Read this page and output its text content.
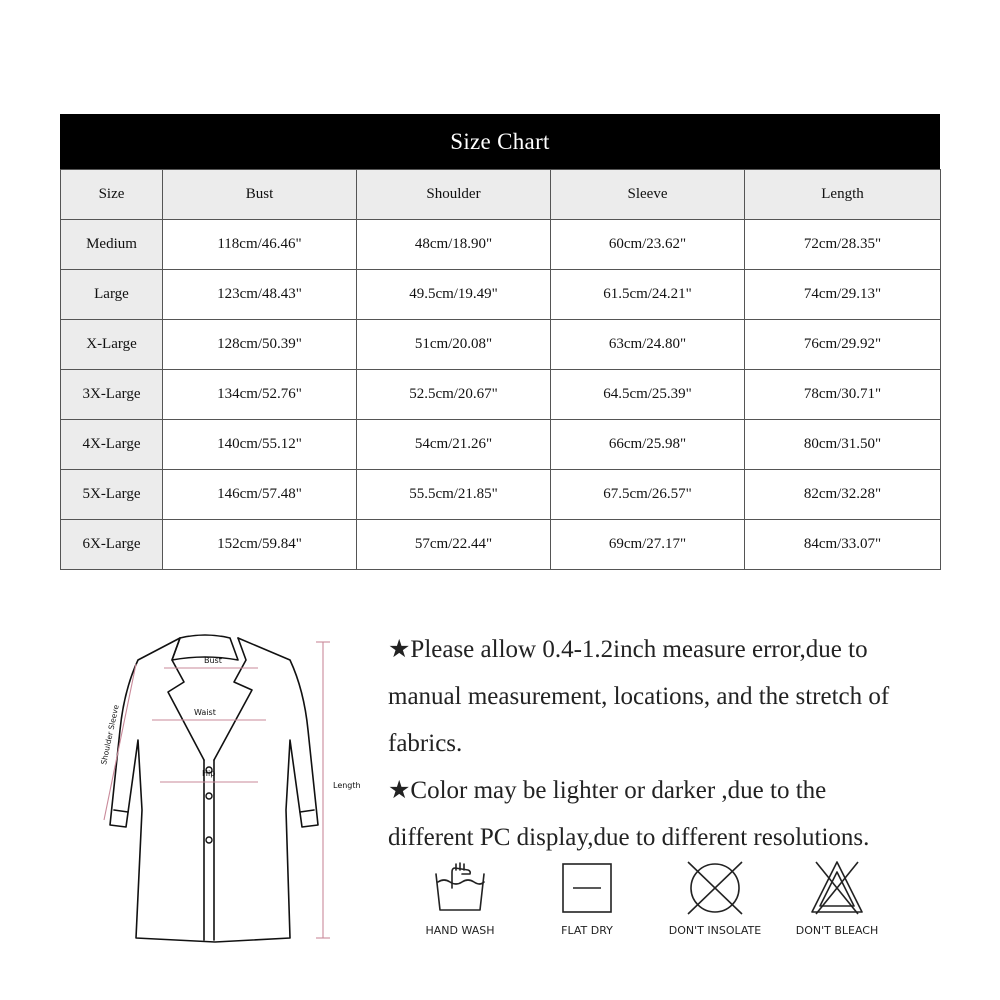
Size Chart
Size	Bust	Shoulder	Sleeve	Length
Medium	118cm/46.46"	48cm/18.90"	60cm/23.62"	72cm/28.35"
Large	123cm/48.43"	49.5cm/19.49"	61.5cm/24.21"	74cm/29.13"
X-Large	128cm/50.39"	51cm/20.08"	63cm/24.80"	76cm/29.92"
3X-Large	134cm/52.76"	52.5cm/20.67"	64.5cm/25.39"	78cm/30.71"
4X-Large	140cm/55.12"	54cm/21.26"	66cm/25.98"	80cm/31.50"
5X-Large	146cm/57.48"	55.5cm/21.85"	67.5cm/26.57"	82cm/32.28"
6X-Large	152cm/59.84"	57cm/22.44"	69cm/27.17"	84cm/33.07"
Bust
Waist
Hip
Shoulder Sleeve
Length

★Please allow 0.4-1.2inch measure error,due to

manual measurement, locations, and the stretch of

fabrics.

★Color may be lighter or darker ,due to the

different PC display,due to different resolutions.

HAND WASH	FLAT DRY	DON'T INSOLATE	DON'T BLEACH
